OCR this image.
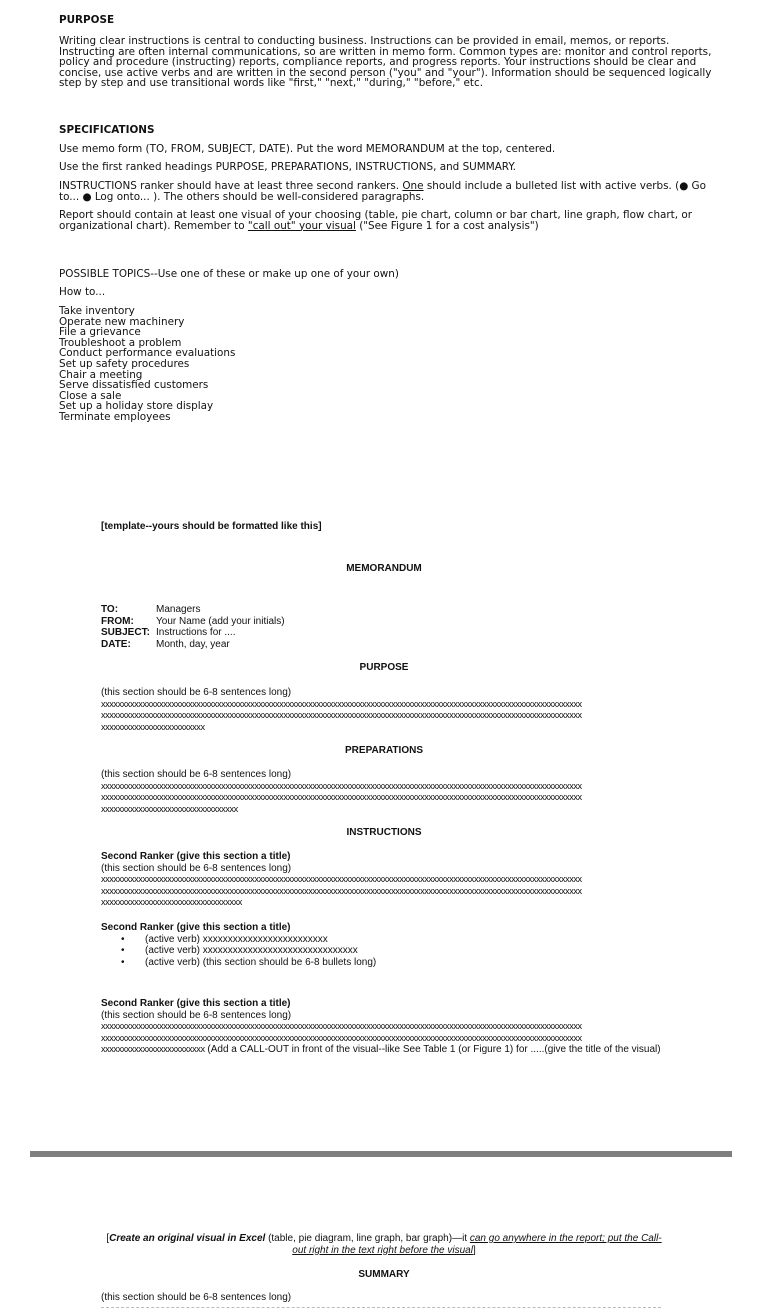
PURPOSE

Writing clear instructions is central to conducting business. Instructions can be provided in email, memos, or reports. Instructing are often internal communications, so are written in memo form. Common types are: monitor and control reports, policy and procedure (instructing) reports, compliance reports, and progress reports. Your instructions should be clear and concise, use active verbs and are written in the second person ("you" and "your"). Information should be sequenced logically step by step and use transitional words like "first," "next," "during," "before," etc.

SPECIFICATIONS

Use memo form (TO, FROM, SUBJECT, DATE). Put the word MEMORANDUM at the top, centered.

Use the first ranked headings PURPOSE, PREPARATIONS, INSTRUCTIONS, and SUMMARY.

INSTRUCTIONS ranker should have at least three second rankers. One should include a bulleted list with active verbs. (● Go to... ● Log onto... ). The others should be well-considered paragraphs.

Report should contain at least one visual of your choosing (table, pie chart, column or bar chart, line graph, flow chart, or organizational chart). Remember to "call out" your visual ("See Figure 1 for a cost analysis")

POSSIBLE TOPICS--Use one of these or make up one of your own)

How to...

Take inventory
Operate new machinery
File a grievance
Troubleshoot a problem
Conduct performance evaluations
Set up safety procedures
Chair a meeting
Serve dissatisfied customers
Close a sale
Set up a holiday store display
Terminate employees
[template--yours should be formatted like this]
MEMORANDUM
TO:	Managers
FROM: Your Name (add your initials)
SUBJECT: Instructions for ....
DATE:	Month, day, year
PURPOSE
(this section should be 6-8 sentences long)
xxxxxxxxxxxxxxxxxxxxxxxxxxxxxxxxxxxxxxxxxxxxxxxxxxxxxxxxxxxxxxxxxxxxxxxxxxxxxxxxxxxxxxxxxxxxxxxxxxxxxxxxxxxxxxxxxxxx
xxxxxxxxxxxxxxxxxxxxxxxxxxxxxxxxxxxxxxxxxxxxxxxxxxxxxxxxxxxxxxxxxxxxxxxxxxxxxxxxxxxxxxxxxxxxxxxxxxxxxxxxxxxxxxxxxxxx
xxxxxxxxxxxxxxxxxxxxxxxxx
PREPARATIONS
(this section should be 6-8 sentences long)
xxxxxxxxxxxxxxxxxxxxxxxxxxxxxxxxxxxxxxxxxxxxxxxxxxxxxxxxxxxxxxxxxxxxxxxxxxxxxxxxxxxxxxxxxxxxxxxxxxxxxxxxxxxxxxxxxxxx
xxxxxxxxxxxxxxxxxxxxxxxxxxxxxxxxxxxxxxxxxxxxxxxxxxxxxxxxxxxxxxxxxxxxxxxxxxxxxxxxxxxxxxxxxxxxxxxxxxxxxxxxxxxxxxxxxxxx
xxxxxxxxxxxxxxxxxxxxxxxxxxxxxxxxx
INSTRUCTIONS
Second Ranker (give this section a title)
(this section should be 6-8 sentences long)
xxxxxxxxxxxxxxxxxxxxxxxxxxxxxxxxxxxxxxxxxxxxxxxxxxxxxxxxxxxxxxxxxxxxxxxxxxxxxxxxxxxxxxxxxxxxxxxxxxxxxxxxxxxxxxxxxxxx
xxxxxxxxxxxxxxxxxxxxxxxxxxxxxxxxxxxxxxxxxxxxxxxxxxxxxxxxxxxxxxxxxxxxxxxxxxxxxxxxxxxxxxxxxxxxxxxxxxxxxxxxxxxxxxxxxxxx
xxxxxxxxxxxxxxxxxxxxxxxxxxxxxxxxxx
Second Ranker (give this section a title)
• (active verb) xxxxxxxxxxxxxxxxxxxxxxxxx
• (active verb) xxxxxxxxxxxxxxxxxxxxxxxxxxxxxxx
• (active verb) (this section should be 6-8 bullets long)
Second Ranker (give this section a title)
(this section should be 6-8 sentences long)
xxxxxxxxxxxxxxxxxxxxxxxxxxxxxxxxxxxxxxxxxxxxxxxxxxxxxxxxxxxxxxxxxxxxxxxxxxxxxxxxxxxxxxxxxxxxxxxxxxxxxxxxxxxxxxxxxxxx
xxxxxxxxxxxxxxxxxxxxxxxxxxxxxxxxxxxxxxxxxxxxxxxxxxxxxxxxxxxxxxxxxxxxxxxxxxxxxxxxxxxxxxxxxxxxxxxxxxxxxxxxxxxxxxxxxxxx
xxxxxxxxxxxxxxxxxxxxxxxxx (Add a CALL-OUT in front of the visual--like See Table 1 (or Figure 1) for .....(give the title of the visual)
[Create an original visual in Excel (table, pie diagram, line graph, bar graph)—it can go anywhere in the report; put the Call-out right in the text right before the visual]
SUMMARY
(this section should be 6-8 sentences long)
